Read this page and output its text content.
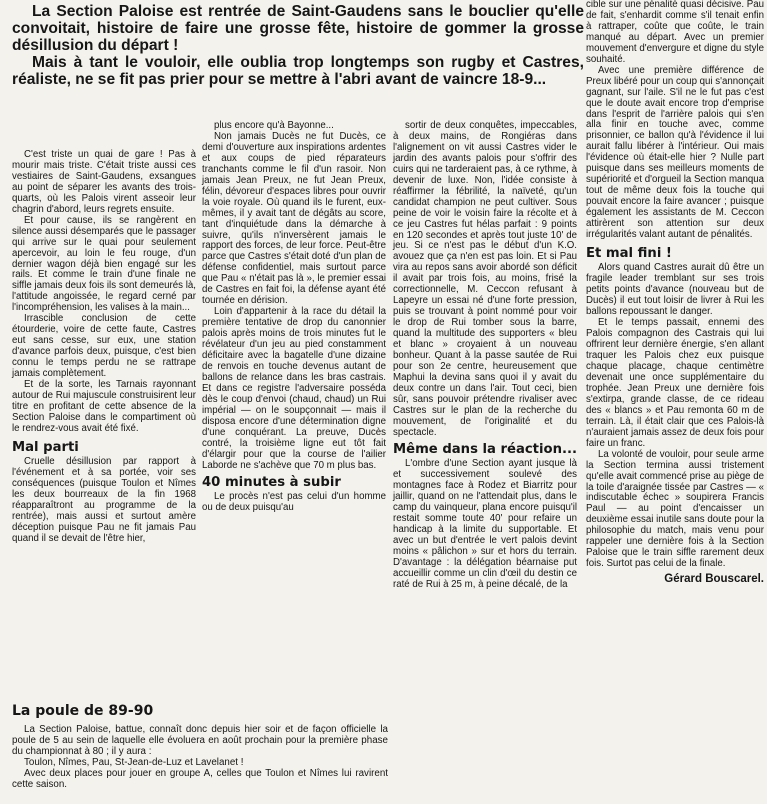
La Section Paloise est rentrée de Saint-Gaudens sans le bouclier qu'elle convoitait, histoire de faire une grosse fête, histoire de gommer la grosse désillusion du départ !

Mais à tant le vouloir, elle oublia trop longtemps son rugby et Castres, réaliste, ne se fit pas prier pour se mettre à l'abri avant de vaincre 18-9...

C'est triste un quai de gare ! Pas à mourir mais triste. C'était triste aussi ces vestiaires de Saint-Gaudens, exsangues au point de séparer les avants des trois-quarts, où les Palois virent asseoir leur chagrin d'abord, leurs regrets ensuite.

Et pour cause, ils se rangèrent en silence aussi désemparés que le passager qui arrive sur le quai pour seulement apercevoir, au loin le feu rouge, d'un dernier wagon déjà bien engagé sur les rails. Et comme le train d'une finale ne siffle jamais deux fois ils sont demeurés là, l'attitude angoissée, le regard cerné par l'incompréhension, les valises à la main...

Irrascible conclusion de cette étourderie, voire de cette faute, Castres eut sans cesse, sur eux, une station d'avance parfois deux, puisque, c'est bien connu le temps perdu ne se rattrape jamais complètement.

Et de la sorte, les Tarnais rayonnant autour de Rui majuscule construisirent leur titre en profitant de cette absence de la Section Paloise dans le compartiment où le rendrez-vous avait été fixé.

Mal parti

Cruelle désillusion par rapport à l'événement et à sa portée, voir ses conséquences (puisque Toulon et Nîmes les deux bourreaux de la fin 1968 réapparaîtront au programme de la rentrée), mais aussi et surtout amère déception puisque Pau ne fit jamais Pau quand il se devait de l'être hier,

plus encore qu'à Bayonne...

Non jamais Ducès ne fut Ducès, ce demi d'ouverture aux inspirations ardentes et aux coups de pied réparateurs tranchants comme le fil d'un rasoir. Non jamais Jean Preux, ne fut Jean Preux, félin, dévoreur d'espaces libres pour ouvrir la voie royale. Où quand ils le furent, eux-mêmes, il y avait tant de dégâts au score, tant d'inquiétude dans la démarche à suivre, qu'ils n'inversèrent jamais le rapport des forces, de leur force. Peut-être parce que Castres s'était doté d'un plan de défense confidentiel, mais surtout parce que Pau « n'était pas là », le premier essai de Castres en fait foi, la défense ayant été tournée en dérision.

Loin d'appartenir à la race du détail la première tentative de drop du canonnier palois après moins de trois minutes fut le révélateur d'un jeu au pied constamment déficitaire avec la bagatelle d'une dizaine de renvois en touche devenus autant de ballons de relance dans les bras castrais. Et dans ce registre l'adversaire posséda dès le coup d'envoi (chaud, chaud) un Rui impérial — on le soupçonnait — mais il disposa encore d'une détermination digne d'une conquérant. La preuve, Ducès contré, la troisième ligne eut tôt fait d'élargir pour que la course de l'ailier Laborde ne s'achève que 70 m plus bas.

40 minutes à subir

Le procès n'est pas celui d'un homme ou de deux puisqu'au

sortir de deux conquêtes, impeccables, à deux mains, de Rongiéras dans l'alignement on vit aussi Castres vider le jardin des avants palois pour s'offrir des cuirs qui ne tarderaient pas, à ce rythme, à devenir de luxe. Non, l'idée consiste à réaffirmer la fébrilité, la naïveté, qu'un candidat champion ne peut cultiver. Sous peine de voir le voisin faire la récolte et à ce jeu Castres fut hélas parfait : 9 points en 120 secondes et après tout juste 10' de jeu. Si ce n'est pas le début d'un K.O. avouez que ça n'en est pas loin. Et si Pau vira au repos sans avoir abordé son déficit il avait par trois fois, au moins, frisé la correctionnelle, M. Ceccon refusant à Lapeyre un essai né d'une forte pression, puis se trouvant à point nommé pour voir le drop de Rui tomber sous la barre, quand la multitude des supporters « bleu et blanc » croyaient à un nouveau bonheur. Quant à la passe sautée de Rui pour son 2e centre, heureusement que Maphui la devina sans quoi il y avait du deux contre un dans l'air. Tout ceci, bien sûr, sans pouvoir prétendre rivaliser avec Castres sur le plan de la recherche du mouvement, de l'originalité et du spectacle.

Même dans la réaction...

L'ombre d'une Section ayant jusque là et successivement soulevé des montagnes face à Rodez et Biarritz pour jaillir, quand on ne l'attendait plus, dans le camp du vainqueur, plana encore puisqu'il restait somme toute 40' pour refaire un handicap à la limite du supportable. Et avec un but d'entrée le vert palois devint moins « pâlichon » sur et hors du terrain. D'avantage : la délégation béarnaise put accueillir comme un clin d'œil du destin ce raté de Rui à 25 m, à peine décalé, de la

cible sur une pénalité quasi décisive. Pau de fait, s'enhardit comme s'il tenait enfin à rattraper, coûte que coûte, le train manqué au départ. Avec un premier mouvement d'envergure et digne du style souhaité.

Avec une première différence de Preux libéré pour un coup qui s'annonçait gagnant, sur l'aile. S'il ne le fut pas c'est que le doute avait encore trop d'emprise dans l'esprit de l'arrière palois qui s'en alla finir en touche avec, comme prisonnier, ce ballon qu'à l'évidence il lui aurait fallu libérer à l'intérieur. Oui mais l'évidence où était-elle hier ? Nulle part puisque dans ses meilleurs moments de supériorité et d'orgueil la Section manqua tout de même deux fois la touche qui pouvait encore la faire avancer ; puisque également les assistants de M. Ceccon attirèrent son attention sur deux irrégularités valant autant de pénalités.

Et mal fini !

Alors quand Castres aurait dû être un fragile leader tremblant sur ses trois petits points d'avance (nouveau but de Ducès) il eut tout loisir de livrer à Rui les ballons repoussant le danger.

Et le temps passait, ennemi des Palois compagnon des Castrais qui lui offrirent leur dernière énergie, s'en allant traquer les Palois chez eux puisque chaque placage, chaque centimètre devenait une once supplémentaire du trophée. Jean Preux une dernière fois s'extirpa, grande classe, de ce rideau des « blancs » et Pau remonta 60 m de terrain. Là, il était clair que ces Palois-là n'auraient jamais assez de deux fois pour faire un franc.

La volonté de vouloir, pour seule arme la Section termina aussi tristement qu'elle avait commencé prise au piège de la toile d'araignée tissée par Castres — « indiscutable échec » soupirera Francis Paul — au point d'encaisser un deuxième essai inutile sans doute pour la philosophie du match, mais venu pour rappeler une dernière fois à la Section Paloise que le train siffle rarement deux fois. Surtot pas celui de la finale.

Gérard Bouscarel.
La poule de 89-90

La Section Paloise, battue, connaît donc depuis hier soir et de façon officielle la poule de 5 au sein de laquelle elle évoluera en août prochain pour la première phase du championnat à 80 ; il y aura :

Toulon, Nîmes, Pau, St-Jean-de-Luz et Lavelanet !

Avec deux places pour jouer en groupe A, celles que Toulon et Nîmes lui ravirent cette saison.
